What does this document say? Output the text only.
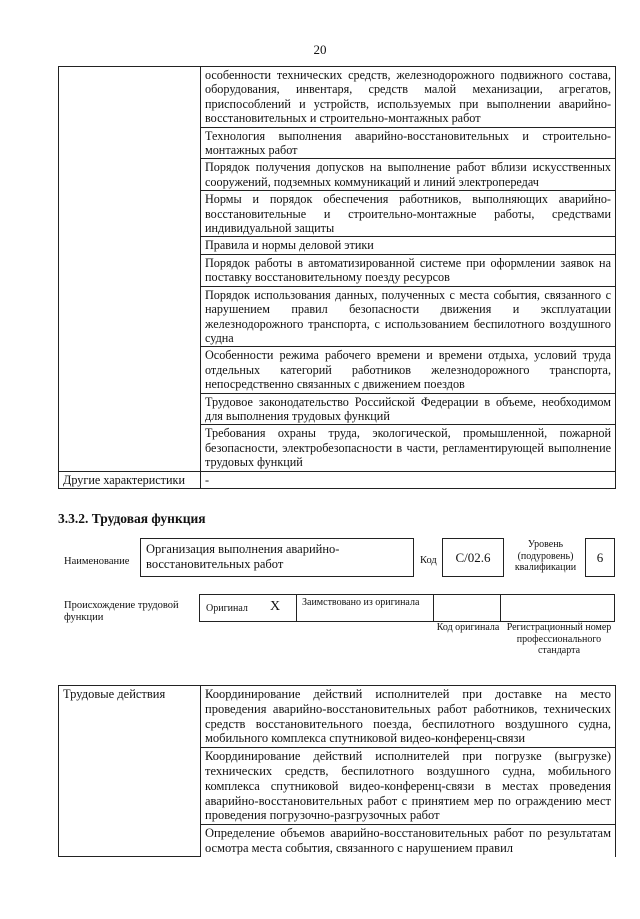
20
	особенности технических средств, железнодорожного подвижного состава, оборудования, инвентаря, средств малой механизации, агрегатов, приспособлений и устройств, используемых при выполнении аварийно-восстановительных и строительно-монтажных работ
	Технология выполнения аварийно-восстановительных и строительно-монтажных работ
	Порядок получения допусков на выполнение работ вблизи искусственных сооружений, подземных коммуникаций и линий электропередач
	Нормы и порядок обеспечения работников, выполняющих аварийно-восстановительные и строительно-монтажные работы, средствами индивидуальной защиты
	Правила и нормы деловой этики
	Порядок работы в автоматизированной системе при оформлении заявок на поставку восстановительному поезду ресурсов
	Порядок использования данных, полученных с места события, связанного с нарушением правил безопасности движения и эксплуатации железнодорожного транспорта, с использованием беспилотного воздушного судна
	Особенности режима рабочего времени и времени отдыха, условий труда отдельных категорий работников железнодорожного транспорта, непосредственно связанных с движением поездов
	Трудовое законодательство Российской Федерации в объеме, необходимом для выполнения трудовых функций
	Требования охраны труда, экологической, промышленной, пожарной безопасности, электробезопасности в части, регламентирующей выполнение трудовых функций
Другие характеристики	-
3.3.2. Трудовая функция
Наименование
Организация выполнения аварийно-восстановительных работ	Код	C/02.6
Уровень (подуровень) квалификации
6
Происхождение трудовой функции
Оригинал X	Заимствовано из оригинала
Код оригинала Регистрационный номер профессионального стандарта
Трудовые действия	Координирование действий исполнителей при доставке на место проведения аварийно-восстановительных работ работников, технических средств восстановительного поезда, беспилотного воздушного судна, мобильного комплекса спутниковой видео-конференц-связи
Координирование действий исполнителей при погрузке (выгрузке) технических средств, беспилотного воздушного судна, мобильного комплекса спутниковой видео-конференц-связи в местах проведения аварийно-восстановительных работ с принятием мер по ограждению мест проведения погрузочно-разгрузочных работ
Определение объемов аварийно-восстановительных работ по результатам осмотра места события, связанного с нарушением правил
